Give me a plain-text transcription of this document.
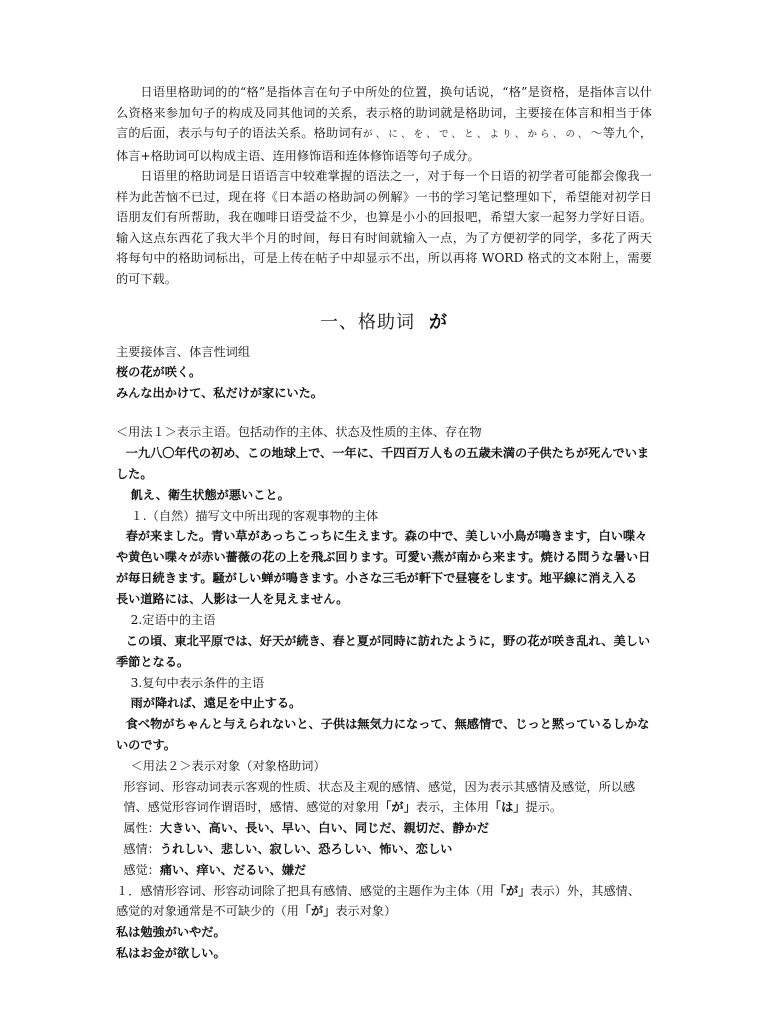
日语里格助词的的“格”是指体言在句子中所处的位置，换句话说，“格”是资格，是指体言以什么资格来参加句子的构成及同其他词的关系，表示格的助词就是格助词，主要接在体言和相当于体言的后面，表示与句子的语法关系。格助词有が、に、を、で、と、より、から、の、～等九个，体言+格助词可以构成主语、连用修饰语和连体修饰语等句子成分。

日语里的格助词是日语语言中较难掌握的语法之一，对于每一个日语的初学者可能都会像我一样为此苦恼不已过，现在将《日本語の格助詞の例解》一书的学习笔记整理如下，希望能对初学日语朋友们有所帮助，我在咖啡日语受益不少，也算是小小的回报吧，希望大家一起努力学好日语。输入这点东西花了我大半个月的时间，每日有时间就输入一点，为了方便初学的同学，多花了两天将每句中的格助词标出，可是上传在帖子中却显示不出，所以再将 WORD 格式的文本附上，需要的可下载。

一、格助词 が

主要接体言、体言性词组

桜の花が咲く。

みんな出かけて、私だけが家にいた。

＜用法１＞表示主语。包括动作的主体、状态及性质的主体、存在物

一九八〇年代の初め、この地球上で、一年に、千四百万人もの五歳未満の子供たちが死んでいました。

飢え、衛生状態が悪いこと。

１.（自然）描写文中所出现的客观事物的主体

春が来ました。青い草があっちこっちに生えます。森の中で、美しい小鳥が鳴きます，白い喋々や黄色い喋々が赤い薔薇の花の上を飛ぶ回ります。可愛い燕が南から来ます。焼ける問うな暑い日が毎日続きます。騒がしい蝉が鳴きます。小さな三毛が軒下で昼寝をします。地平線に消え入る 長い道路には、人影は一人を見えません。

2.定语中的主语

この頃、東北平原では、好天が続き、春と夏が同時に訪れたように，野の花が咲き乱れ、美しい季節となる。

3.复句中表示条件的主语

雨が降れば、遠足を中止する。

食べ物がちゃんと与えられないと、子供は無気力になって、無感情で、じっと黙っているしかないのです。

＜用法２＞表示对象（对象格助词）

形容词、形容动词表示客观的性质、状态及主观的感情、感觉，因为表示其感情及感觉，所以感情、感觉形容词作谓语时，感情、感觉的对象用「が」表示，主体用「は」提示。

属性：大きい、高い、長い、早い、白い、同じだ、親切だ、静かだ

感情：うれしい、悲しい、寂しい、恐ろしい、怖い、恋しい

感觉：痛い、痒い、だるい、嫌だ

１．感情形容词、形容动词除了把具有感情、感觉的主题作为主体（用「が」表示）外，其感情、感觉的对象通常是不可缺少的（用「が」表示对象）

私は勉強がいやだ。

私はお金が欲しい。
